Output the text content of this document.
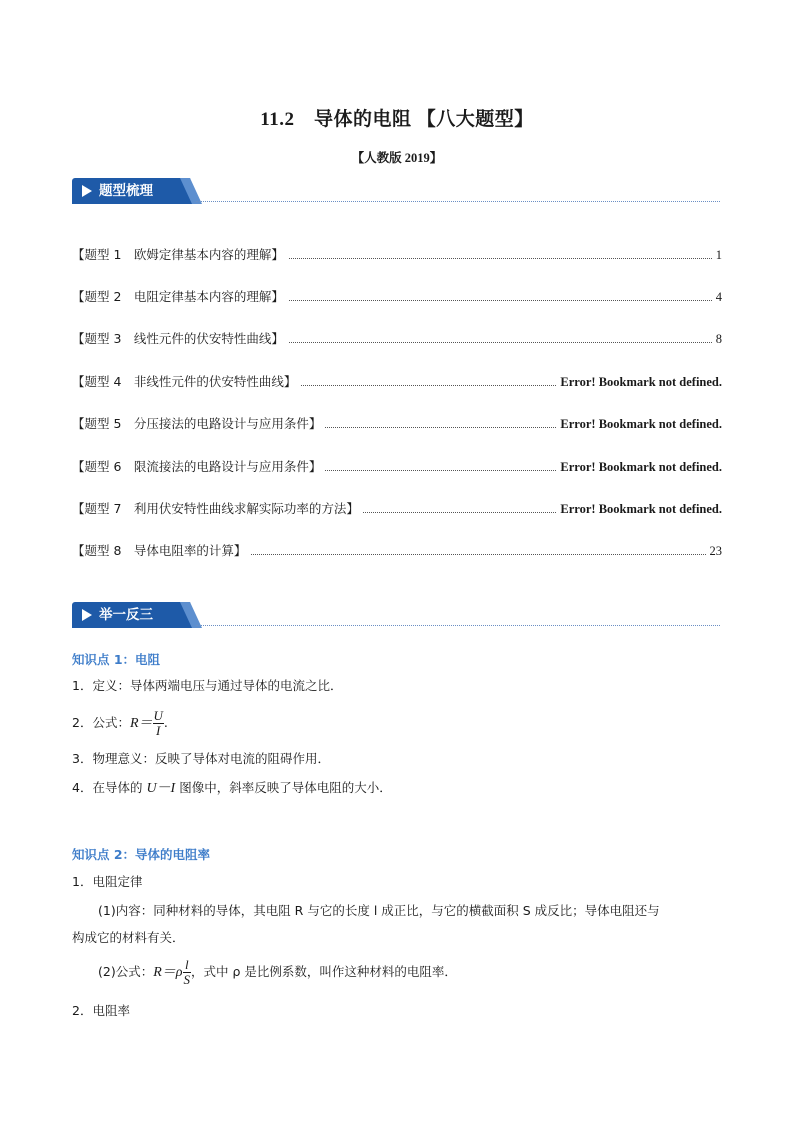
11.2　导体的电阻 【八大题型】
【人教版 2019】
题型梳理
【题型 1　欧姆定律基本内容的理解】	1
【题型 2　电阻定律基本内容的理解】	4
【题型 3　线性元件的伏安特性曲线】	8
【题型 4　非线性元件的伏安特性曲线】	Error! Bookmark not defined.
【题型 5　分压接法的电路设计与应用条件】	Error! Bookmark not defined.
【题型 6　限流接法的电路设计与应用条件】	Error! Bookmark not defined.
【题型 7　利用伏安特性曲线求解实际功率的方法】	Error! Bookmark not defined.
【题型 8　导体电阻率的计算】	23
举一反三
知识点 1：电阻
1．定义：导体两端电压与通过导体的电流之比．
2．公式：$R= \frac{U}{I}$ .
3．物理意义：反映了导体对电流的阻碍作用．
4．在导体的 U－I 图像中，斜率反映了导体电阻的大小．
知识点 2：导体的电阻率
1．电阻定律
(1)内容：同种材料的导体，其电阻 R 与它的长度 l 成正比，与它的横截面积 S 成反比；导体电阻还与
构成它的材料有关．
(2)公式：$R=\rho \frac{l}{S}$ ，式中 ρ 是比例系数，叫作这种材料的电阻率．
2．电阻率
